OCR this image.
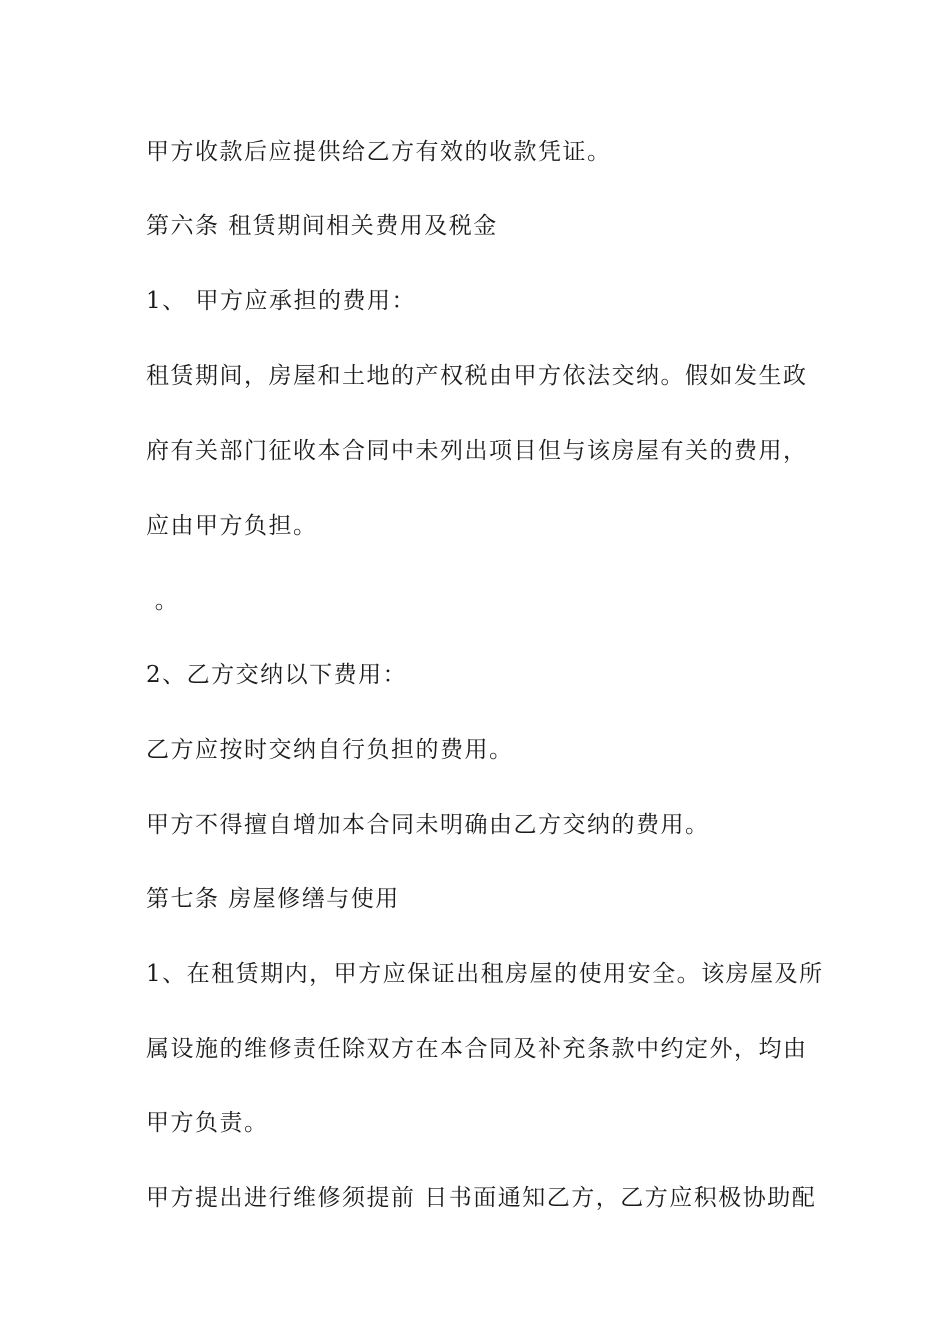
甲方收款后应提供给乙方有效的收款凭证。
第六条 租赁期间相关费用及税金
1、 甲方应承担的费用：
租赁期间，房屋和土地的产权税由甲方依法交纳。假如发生政
府有关部门征收本合同中未列出项目但与该房屋有关的费用，
应由甲方负担。
。
2、乙方交纳以下费用：
乙方应按时交纳自行负担的费用。
甲方不得擅自增加本合同未明确由乙方交纳的费用。
第七条 房屋修缮与使用
1、在租赁期内，甲方应保证出租房屋的使用安全。该房屋及所
属设施的维修责任除双方在本合同及补充条款中约定外，均由
甲方负责。
甲方提出进行维修须提前 日书面通知乙方，乙方应积极协助配
